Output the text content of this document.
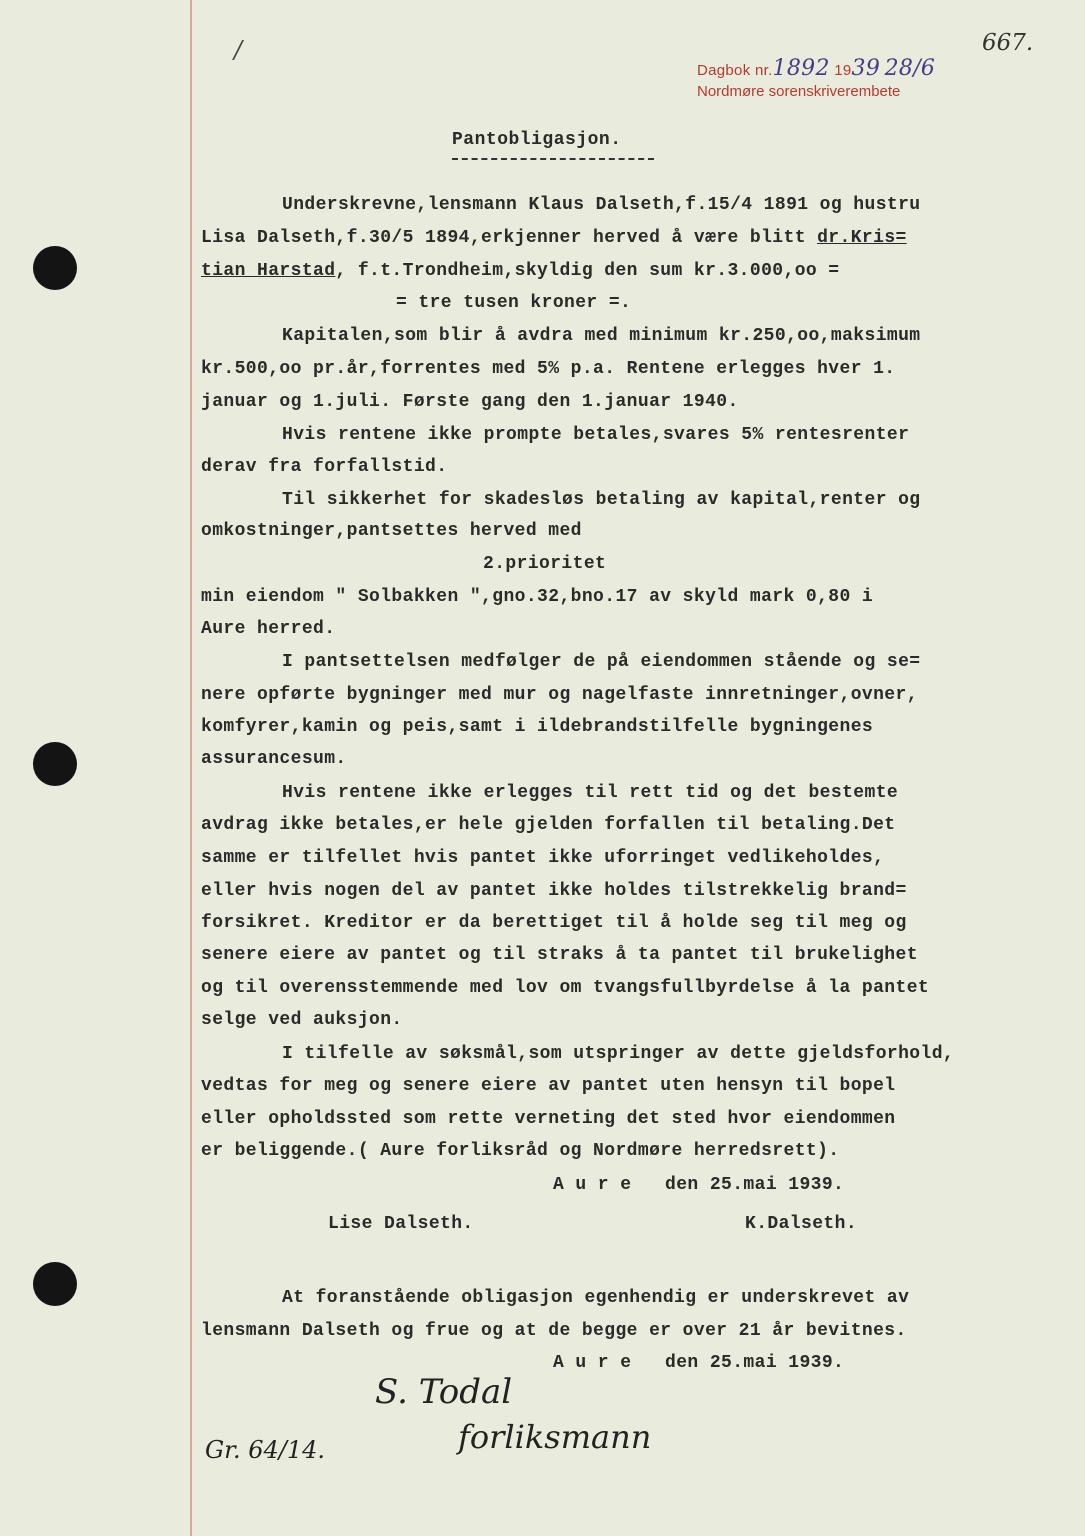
/	667.
Dagbok nr.1892 1939 28/6
Nordmøre sorenskriverembete
Pantobligasjon.
Underskrevne,lensmann Klaus Dalseth,f.15/4 1891 og hustru
Lisa Dalseth,f.30/5 1894,erkjenner herved å være blitt dr.Kris=
tian Harstad, f.t.Trondheim,skyldig den sum kr.3.000,oo =
= tre tusen kroner =.
Kapitalen,som blir å avdra med minimum kr.250,oo,maksimum
kr.500,oo pr.år,forrentes med 5% p.a. Rentene erlegges hver 1.
januar og 1.juli. Første gang den 1.januar 1940.
Hvis rentene ikke prompte betales,svares 5% rentesrenter
derav fra forfallstid.
Til sikkerhet for skadesløs betaling av kapital,renter og
omkostninger,pantsettes herved med
2.prioritet
min eiendom " Solbakken ",gno.32,bno.17 av skyld mark 0,80 i
Aure herred.
I pantsettelsen medfølger de på eiendommen stående og se=
nere opførte bygninger med mur og nagelfaste innretninger,ovner,
komfyrer,kamin og peis,samt i ildebrandstilfelle bygningenes
assurancesum.
Hvis rentene ikke erlegges til rett tid og det bestemte
avdrag ikke betales,er hele gjelden forfallen til betaling.Det
samme er tilfellet hvis pantet ikke uforringet vedlikeholdes,
eller hvis nogen del av pantet ikke holdes tilstrekkelig brand=
forsikret. Kreditor er da berettiget til å holde seg til meg og
senere eiere av pantet og til straks å ta pantet til brukelighet
og til overensstemmende med lov om tvangsfullbyrdelse å la pantet
selge ved auksjon.
I tilfelle av søksmål,som utspringer av dette gjeldsforhold,
vedtas for meg og senere eiere av pantet uten hensyn til bopel
eller opholdssted som rette verneting det sted hvor eiendommen
er beliggende.( Aure forliksråd og Nordmøre herredsrett).
A u r e   den 25.mai 1939.
Lise Dalseth.	K.Dalseth.
At foranstående obligasjon egenhendig er underskrevet av
lensmann Dalseth og frue og at de begge er over 21 år bevitnes.
A u r e   den 25.mai 1939.
S. Todal
forliksmann
Gr. 64/14.
